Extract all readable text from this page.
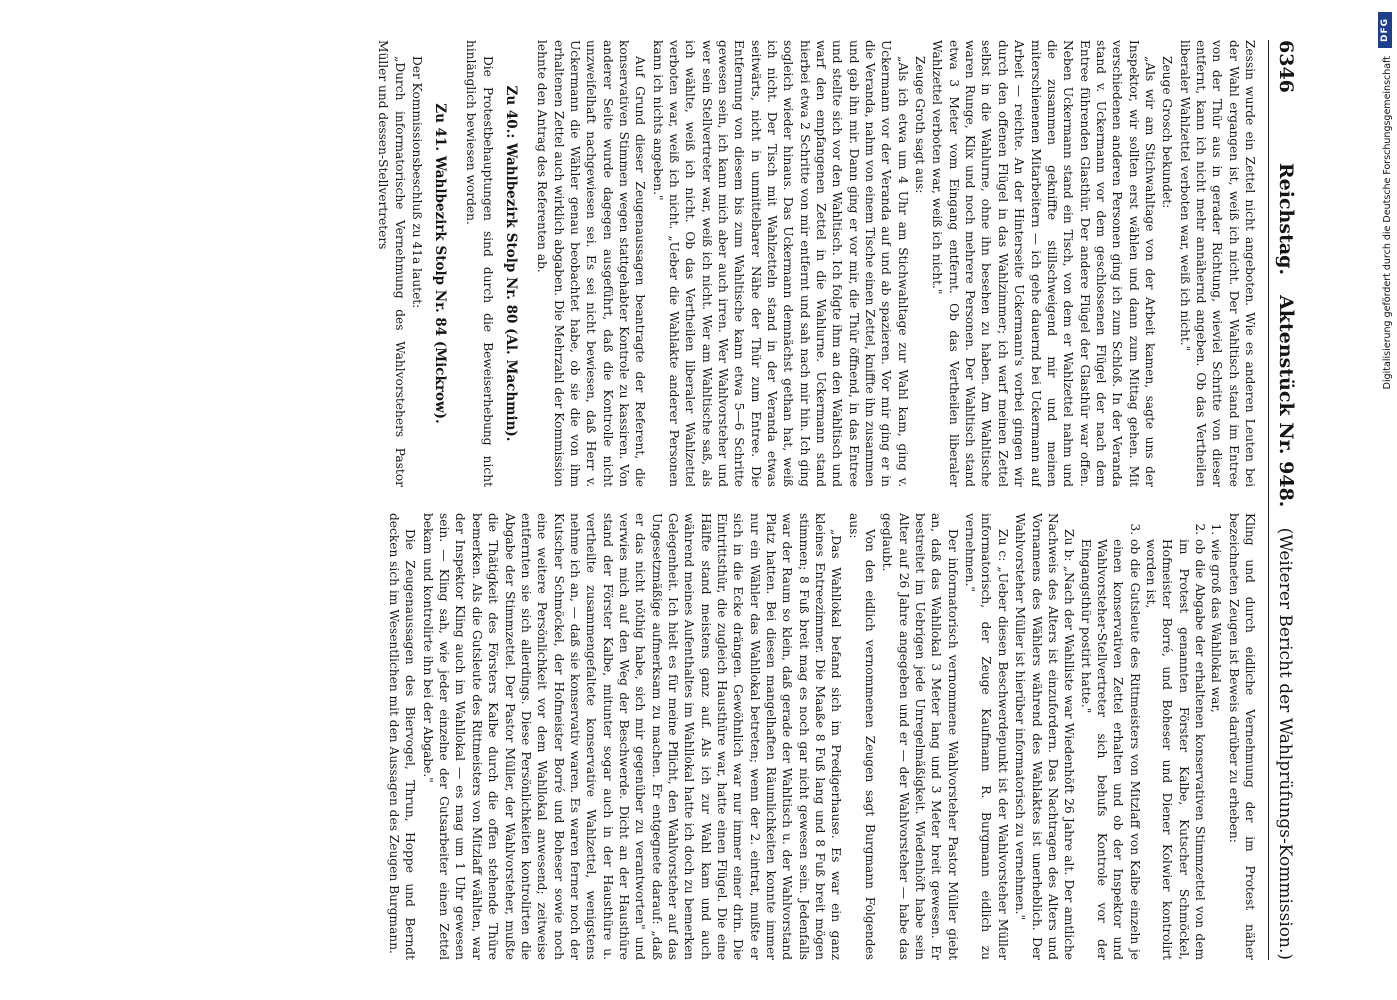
6346
Reichstag.
Aktenstück Nr. 948.
(Weiterer Bericht der Wahlprüfungs-Kommission.)

Zessin wurde ein Zettel nicht angeboten. Wie es anderen Leuten bei der Wahl ergangen ist, weiß ich nicht. Der Wahltisch stand im Entree von der Thür aus in gerader Richtung, wieviel Schritte von dieser entfernt, kann ich nicht mehr annähernd angeben. Ob das Vertheilen liberaler Wahlzettel verboten war, weiß ich nicht."

Zeuge Grosch bekundet:

„Als wir am Stichwahltage von der Arbeit kamen, sagte uns der Inspektor, wir sollten erst wählen und dann zum Mittag gehen. Mit verschiedenen anderen Personen ging ich zum Schloß. In der Veranda stand v. Uckermann vor dem geschlossenen Flügel der nach dem Entree führenden Glasthür. Der andere Flügel der Glasthür war offen. Neben Uckermann stand ein Tisch, von dem er Wahlzettel nahm und die zusammen gekniffte stillschweigend mir und meinen miterschienenen Mitarbeitern — ich gehe dauernd bei Uckermann auf Arbeit — reichte. An der Hinterseite Uckermann's vorbei gingen wir durch den offenen Flügel in das Wahlzimmer; ich warf meinen Zettel selbst in die Wahlurne, ohne ihn besehen zu haben. Am Wahltische waren Runge, Klix und noch mehrere Personen. Der Wahltisch stand etwa 3 Meter vom Eingang entfernt. Ob das Vertheilen liberaler Wahlzettel verboten war, weiß ich nicht."

Zeuge Groth sagt aus:

„Als ich etwa um 4 Uhr am Stichwahltage zur Wahl kam, ging v. Uckermann vor der Veranda auf und ab spazieren. Vor mir ging er in die Veranda, nahm von einem Tische einen Zettel, kniffte ihn zusammen und gab ihn mir. Dann ging er vor mir, die Thür öffnend, in das Entree und stellte sich vor den Wahltisch. Ich folgte ihm an den Wahltisch und warf den empfangenen Zettel in die Wahlurne. Uckermann stand hierbei etwa 2 Schritte von mir entfernt und sah nach mir hin. Ich ging sogleich wieder hinaus. Das Uckermann demnächst gethan hat, weiß ich nicht. Der Tisch mit Wahlzetteln stand in der Veranda etwas seitwärts, nicht in unmittelbarer Nähe der Thür zum Entree. Die Entfernung von diesem bis zum Wahltische kann etwa 5—6 Schritte gewesen sein, ich kann mich aber auch irren. Wer Wahlvorsteher und wer sein Stellvertreter war, weiß ich nicht. Wer am Wahltische saß, als ich wählte, weiß ich nicht. Ob das Vertheilen liberaler Wahlzettel verboten war, weiß ich nicht. „Ueber die Wahlakte anderer Personen kann ich nichts angeben."

Auf Grund dieser Zeugenaussagen beantragte der Referent, die konservativen Stimmen wegen stattgehabter Kontrole zu kassiren. Von anderer Seite wurde dagegen ausgeführt, daß die Kontrolle nicht unzweifelhaft nachgewiesen sei. Es sei nicht bewiesen, daß Herr v. Uckermann die Wähler genau beobachtet habe, ob sie die von ihm erhaltenen Zettel auch wirklich abgaben. Die Mehrzahl der Kommission lehnte den Antrag des Referenten ab.

Zu 40.: Wahlbezirk Stolp Nr. 80 (Al. Machmin).

Die Protestbehauptungen sind durch die Beweiserhebung nicht hinlänglich bewiesen worden.

Zu 41. Wahlbezirk Stolp Nr. 84 (Mickrow).

Der Kommissionsbeschluß zu 41a lautet:

„Durch informatorische Vernehmung des Wahlvorstehers Pastor Müller und dessen-Stellvertreters

Kling und durch eidliche Vernehmung der im Protest näher bezeichneten Zeugen ist Beweis darüber zu erheben:

1. wie groß das Wahllokal war,
2. ob die Abgabe der erhaltenen konservativen Stimmzettel von dem im Protest genannten Förster Kalbe, Kutscher Schmöckel, Hofmeister Borré, und Boheser und Diener Kolwier kontrolirt worden ist,
3. ob die Gutsleute des Rittmeisters von Mitzlaff von Kalbe einzeln je einen konservativen Zettel erhalten und ob der Inspektor und Wahlvorsteher-Stellvertreter sich behufs Kontrole vor der Eingangsthür postirt hatte."

Zu b: „Nach der Wahlliste war Wiedenhöft 26 Jahre alt. Der amtliche Nachweis des Alters ist einzufordern. Das Nachtragen des Alters und Vornamens des Wählers während des Wahlaktes ist unerheblich. Der Wahlvorsteher Müller ist hierüber informatorisch zu vernehmen."

Zu c: „Ueber diesen Beschwerdepunkt ist der Wahlvorsteher Müller informatorisch, der Zeuge Kaufmann R. Burgmann eidlich zu vernehmen."

Der informatorisch vernommene Wahlvorsteher Pastor Müller giebt an, daß das Wahllokal 3 Meter lang und 3 Meter breit gewesen. Er bestreitet im Uebrigen jede Unregelmäßigkeit. Wiedenhöft habe sein Alter auf 26 Jahre angegeben und er — der Wahlvorsteher — habe das geglaubt.

Von den eidlich vernommenen Zeugen sagt Burgmann Folgendes aus:

„Das Wahllokal befand sich im Predigerhause. Es war ein ganz kleines Entreezimmer. Die Maaße 8 Fuß lang und 8 Fuß breit mögen stimmen; 8 Fuß breit mag es noch gar nicht gewesen sein. Jedenfalls war der Raum so klein, daß gerade der Wahltisch u. der Wahlvorstand Platz hatten. Bei diesen mangelhaften Räumlichkeiten konnte immer nur ein Wähler das Wahllokal betreten; wenn der 2. eintrat, mußte er sich in die Ecke drängen. Gewöhnlich war nur immer einer drin. Die Eintrittsthür, die zugleich Hausthüre war, hatte einen Flügel. Die eine Hälfte stand meistens ganz auf. Als ich zur Wahl kam und auch während meines Aufenthaltes im Wahllokal hatte ich doch zu bemerken Gelegenheit. Ich hielt es für meine Pflicht, den Wahlvorsteher auf das Ungesetzmäßige aufmerksam zu machen. Er entgegnete darauf: „daß er das nicht nöthig habe, sich mir gegenüber zu verantworten" und verwies mich auf den Weg der Beschwerde. Dicht an der Hausthüre stand der Förster Kalbe, mitunter sogar auch in der Hausthüre u. vertheilte zusammengefaltete konservative Wahlzettel, wenigstens nehme ich an, — daß sie konservativ waren. Es waren ferner noch der Kutscher Schmöckel, der Hofmeister Borré und Boheser sowie noch eine weitere Persönlichkeit vor dem Wahllokal anwesend; zeitweise entfernten sie sich allerdings. Diese Persönlichkeiten kontrolirten die Abgabe der Stimmzettel. Der Pastor Müller, der Wahlvorsteher, mußte die Thätigkeit des Försters Kalbe durch die offen stehende Thüre bemerken. Als die Gutsleute des Rittmeisters von Mitzlaff wählten, war der Inspektor Kling auch im Wahllokal — es mag um 1 Uhr gewesen sein. — Kling sah, wie jeder einzelne der Gutsarbeiter einen Zettel bekam und kontrolirte ihn bei der Abgabe."

Die Zeugenaussagen des Biervogel, Thrun, Hoppe und Berndt decken sich im Wesentlichen mit den Aussagen des Zeugen Burgmann.

DFG
Digitalisierung gefördert durch die Deutsche Forschungsgemeinschaft
